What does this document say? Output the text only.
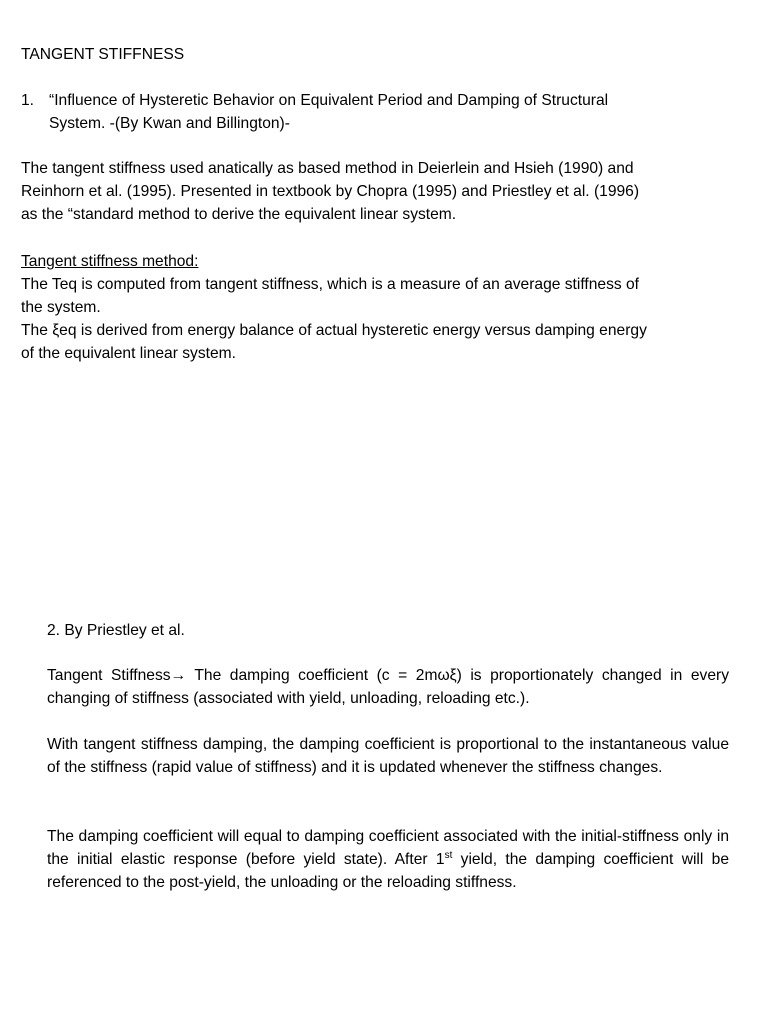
TANGENT STIFFNESS

1. “Influence of Hysteretic Behavior on Equivalent Period and Damping of Structural
System. -(By Kwan and Billington)-
The tangent stiffness used anatically as based method in Deierlein and Hsieh (1990) and
Reinhorn et al. (1995). Presented in textbook by Chopra (1995) and Priestley et al. (1996)
as the “standard method to derive the equivalent linear system.
Tangent stiffness method:
The Teq is computed from tangent stiffness, which is a measure of an average stiffness of
the system.
The ξeq is derived from energy balance of actual hysteretic energy versus damping energy
of the equivalent linear system.
2. By Priestley et al.
Tangent Stiffness→ The damping coefficient (c = 2mωξ) is proportionately changed in every changing of stiffness (associated with yield, unloading, reloading etc.).
With tangent stiffness damping, the damping coefficient is proportional to the instantaneous value of the stiffness (rapid value of stiffness) and it is updated whenever the stiffness changes.
The damping coefficient will equal to damping coefficient associated with the initial-stiffness only in the initial elastic response (before yield state). After 1st yield, the damping coefficient will be referenced to the post-yield, the unloading or the reloading stiffness.
